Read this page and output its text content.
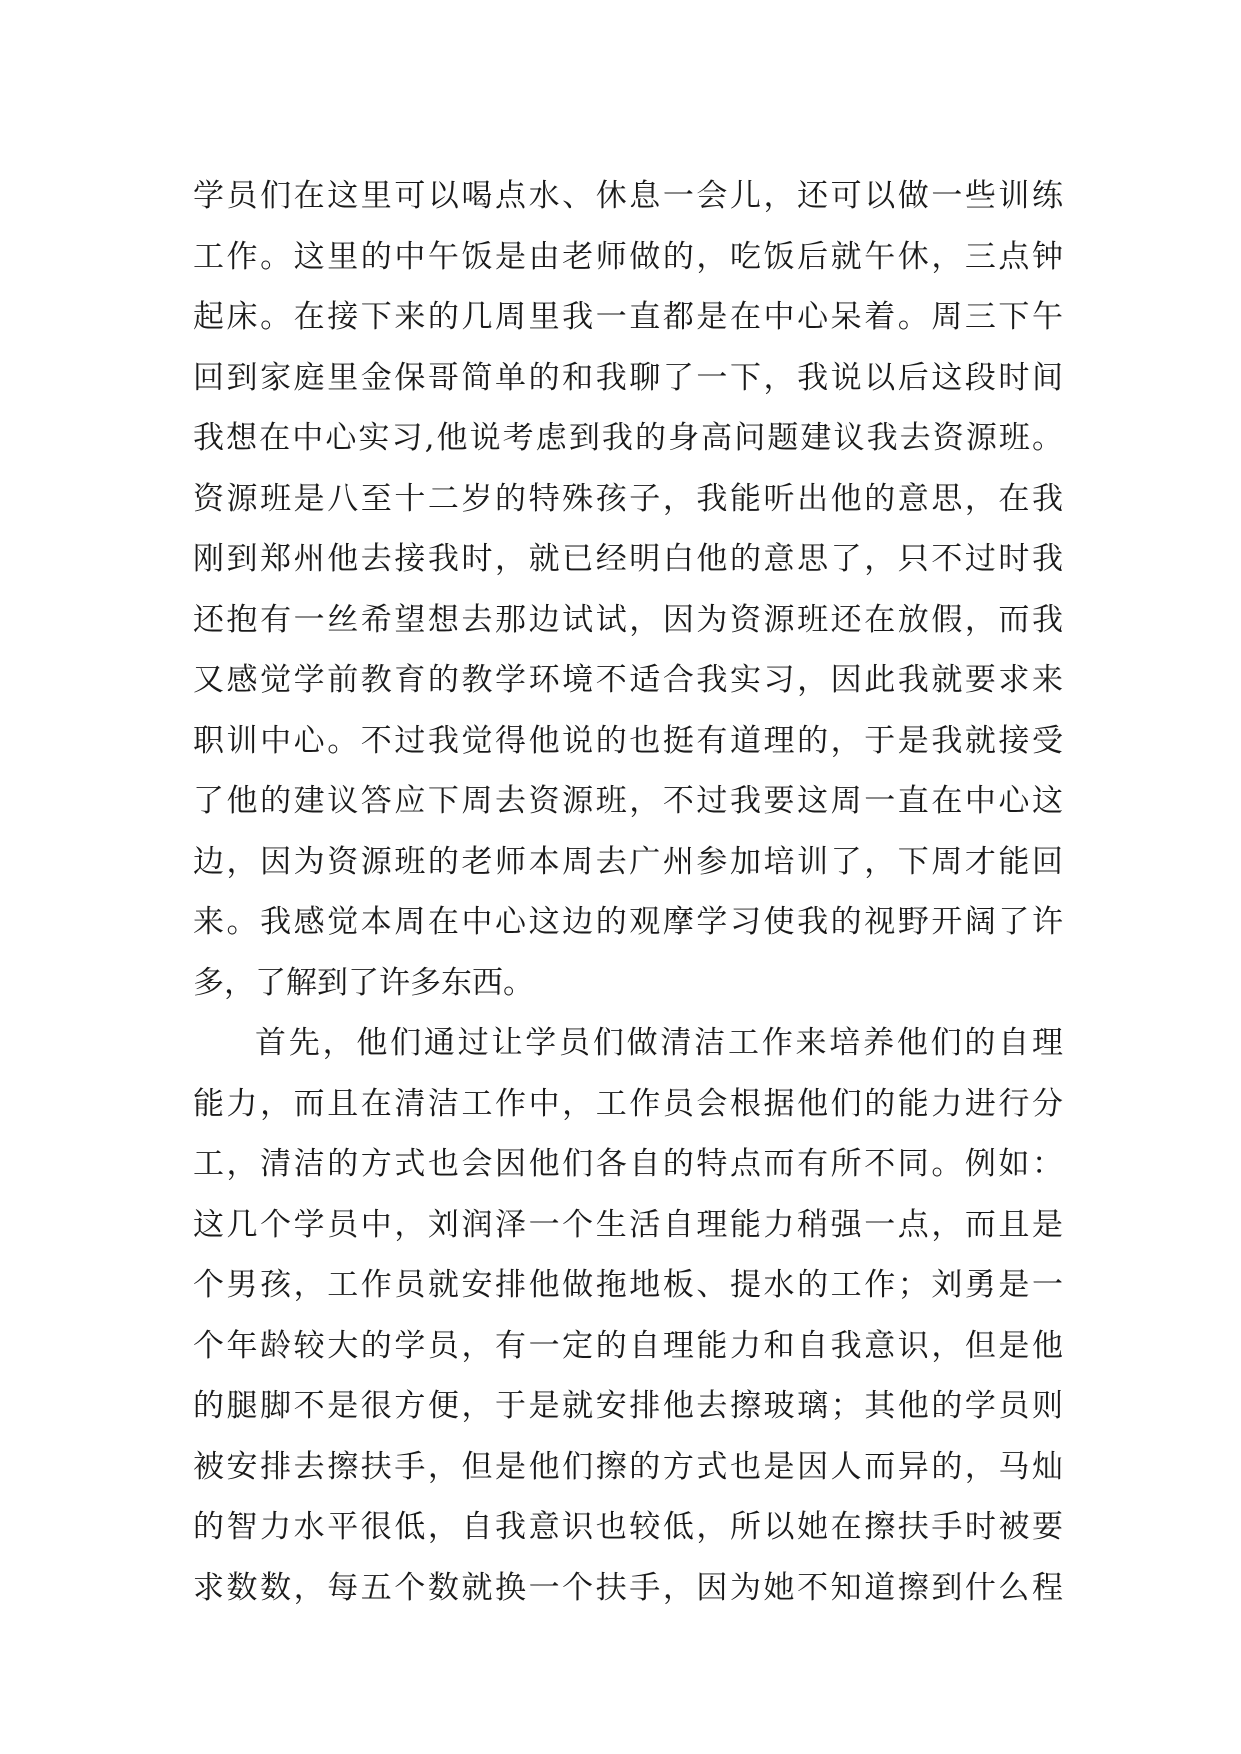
学员们在这里可以喝点水、休息一会儿，还可以做一些训练
工作。这里的中午饭是由老师做的，吃饭后就午休，三点钟
起床。在接下来的几周里我一直都是在中心呆着。周三下午
回到家庭里金保哥简单的和我聊了一下，我说以后这段时间
我想在中心实习,他说考虑到我的身高问题建议我去资源班。
资源班是八至十二岁的特殊孩子，我能听出他的意思，在我
刚到郑州他去接我时，就已经明白他的意思了，只不过时我
还抱有一丝希望想去那边试试，因为资源班还在放假，而我
又感觉学前教育的教学环境不适合我实习，因此我就要求来
职训中心。不过我觉得他说的也挺有道理的，于是我就接受
了他的建议答应下周去资源班，不过我要这周一直在中心这
边，因为资源班的老师本周去广州参加培训了，下周才能回
来。我感觉本周在中心这边的观摩学习使我的视野开阔了许
多，了解到了许多东西。
首先，他们通过让学员们做清洁工作来培养他们的自理
能力，而且在清洁工作中，工作员会根据他们的能力进行分
工，清洁的方式也会因他们各自的特点而有所不同。例如：
这几个学员中，刘润泽一个生活自理能力稍强一点，而且是
个男孩，工作员就安排他做拖地板、提水的工作；刘勇是一
个年龄较大的学员，有一定的自理能力和自我意识，但是他
的腿脚不是很方便，于是就安排他去擦玻璃；其他的学员则
被安排去擦扶手，但是他们擦的方式也是因人而异的，马灿
的智力水平很低，自我意识也较低，所以她在擦扶手时被要
求数数，每五个数就换一个扶手，因为她不知道擦到什么程
